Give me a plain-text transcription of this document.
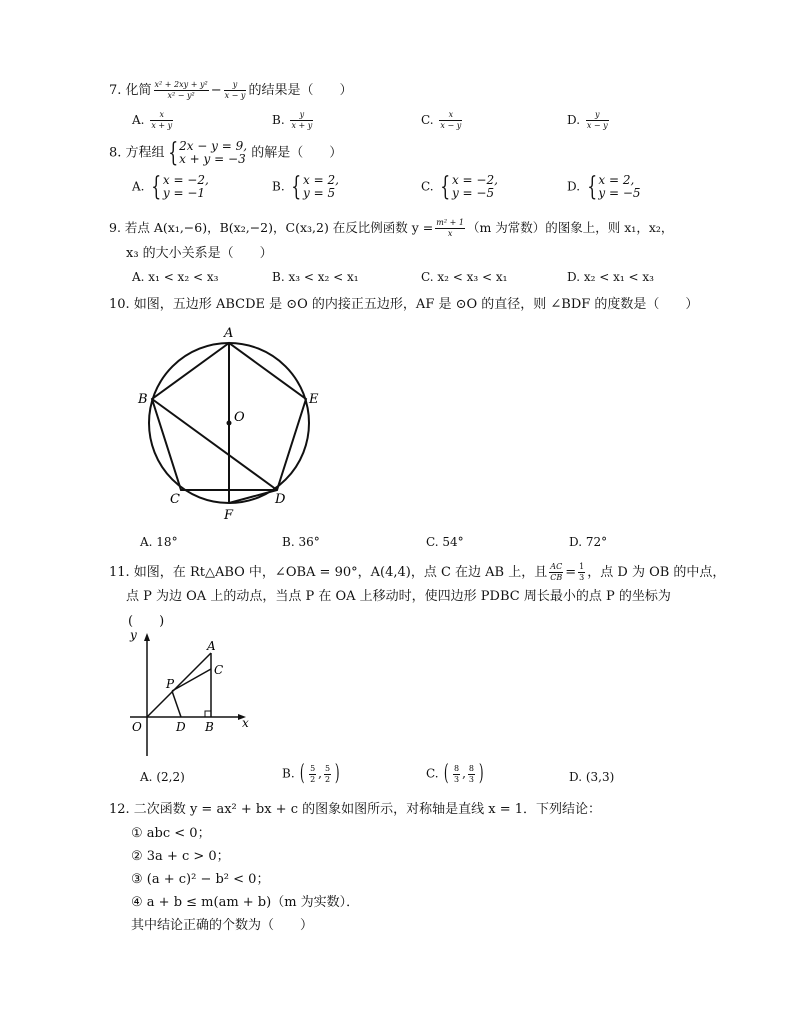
7. 化简 $\frac{\text{x² + 2xy + y²}}{\text{x² − y²}} - \frac{y}{x - y}$ 的结果是（　　）
A. $\frac{x}{x + y}$	B. $\frac{y}{x + y}$	C. $\frac{x}{x - y}$	D. $\frac{y}{x - y}$
8. 方程组 { 2x − y = 9,
x + y = −3 的解是（　　）
A. { x = −2,
y = −1	B. { x = 2,
y = 5	C. { x = −2,
y = −5	D. { x = 2,
y = −5
9. 若点 A(x₁,−6)，B(x₂,−2)，C(x₃,2) 在反比例函数 $y = \frac{\text{m² + 1}}{x} (m$ 为常数）的图象上，则 x₁，x₂，
x₃ 的大小关系是（　　）
A. x₁ < x₂ < x₃	B. x₃ < x₂ < x₁	C. x₂ < x₃ < x₁	D. x₂ < x₁ < x₃
10. 如图，五边形 ABCDE 是 ⊙O 的内接正五边形，AF 是 ⊙O 的直径，则 ∠BDF 的度数是（　　）
A
B	E
O
C	D
F
A. 18°	B. 36°	C. 54°	D. 72°
11. 如图，在 Rt△ABO 中，∠OBA = 90°，A(4,4)，点 C 在边 AB 上，且 $\frac{AC}{CB} = \frac{1}{3}$ ，点 D 为 OB 的中点，
点 P 为边 OA 上的动点，当点 P 在 OA 上移动时，使四边形 PDBC 周长最小的点 P 的坐标为
(　　)
y
x
A
C
P
O	D B
A. (2,2)	B. ( $\frac{5}{2}$ , $\frac{5}{2}$ )	C. ( $\frac{8}{3}$ , $\frac{8}{3}$ )	D. (3,3)
12. 二次函数 y = ax² + bx + c 的图象如图所示，对称轴是直线 x = 1．下列结论：
① abc < 0；
② 3a + c > 0；
③ (a + c)² − b² < 0；
④ a + b ≤ m(am + b)（m 为实数）．
其中结论正确的个数为（　　）
